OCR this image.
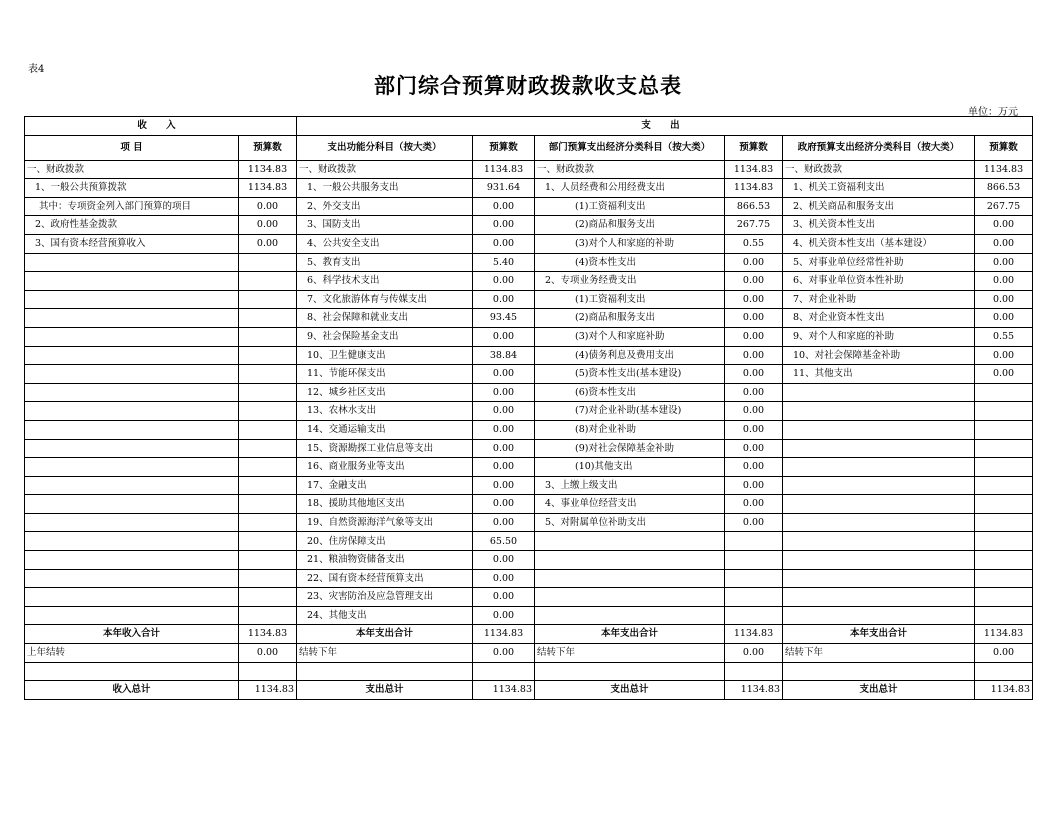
表4
部门综合预算财政拨款收支总表
单位：万元
收 入		支 出					
项 目	预算数	支出功能分科目（按大类）	预算数	部门预算支出经济分类科目（按大类）	预算数	政府预算支出经济分类科目（按大类）	预算数
一、财政拨款	1134.83	一、财政拨款	1134.83	一、财政拨款	1134.83	一、财政拨款	1134.83
1、一般公共预算拨款	1134.83	1、一般公共服务支出	931.64	1、人员经费和公用经费支出	1134.83	1、机关工资福利支出	866.53
其中：专项资金列入部门预算的项目	0.00	2、外交支出	0.00	(1)工资福利支出	866.53	2、机关商品和服务支出	267.75
2、政府性基金拨款	0.00	3、国防支出	0.00	(2)商品和服务支出	267.75	3、机关资本性支出	0.00
3、国有资本经营预算收入	0.00	4、公共安全支出	0.00	(3)对个人和家庭的补助	0.55	4、机关资本性支出（基本建设）	0.00
		5、教育支出	5.40	(4)资本性支出	0.00	5、对事业单位经常性补助	0.00
		6、科学技术支出	0.00	2、专项业务经费支出	0.00	6、对事业单位资本性补助	0.00
		7、文化旅游体育与传媒支出	0.00	(1)工资福利支出	0.00	7、对企业补助	0.00
		8、社会保障和就业支出	93.45	(2)商品和服务支出	0.00	8、对企业资本性支出	0.00
		9、社会保险基金支出	0.00	(3)对个人和家庭补助	0.00	9、对个人和家庭的补助	0.55
		10、卫生健康支出	38.84	(4)债务利息及费用支出	0.00	10、对社会保障基金补助	0.00
		11、节能环保支出	0.00	(5)资本性支出(基本建设)	0.00	11、其他支出	0.00
		12、城乡社区支出	0.00	(6)资本性支出	0.00		
		13、农林水支出	0.00	(7)对企业补助(基本建设)	0.00		
		14、交通运输支出	0.00	(8)对企业补助	0.00		
		15、资源勘探工业信息等支出	0.00	(9)对社会保障基金补助	0.00		
		16、商业服务业等支出	0.00	(10)其他支出	0.00		
		17、金融支出	0.00	3、上缴上级支出	0.00		
		18、援助其他地区支出	0.00	4、事业单位经营支出	0.00		
		19、自然资源海洋气象等支出	0.00	5、对附属单位补助支出	0.00		
		20、住房保障支出	65.50				
		21、粮油物资储备支出	0.00				
		22、国有资本经营预算支出	0.00				
		23、灾害防治及应急管理支出	0.00				
		24、其他支出	0.00				
本年收入合计	1134.83	本年支出合计	1134.83	本年支出合计	1134.83	本年支出合计	1134.83
上年结转	0.00	结转下年	0.00	结转下年	0.00	结转下年	0.00

收入总计	1134.83	支出总计	1134.83	支出总计	1134.83	支出总计	1134.83
